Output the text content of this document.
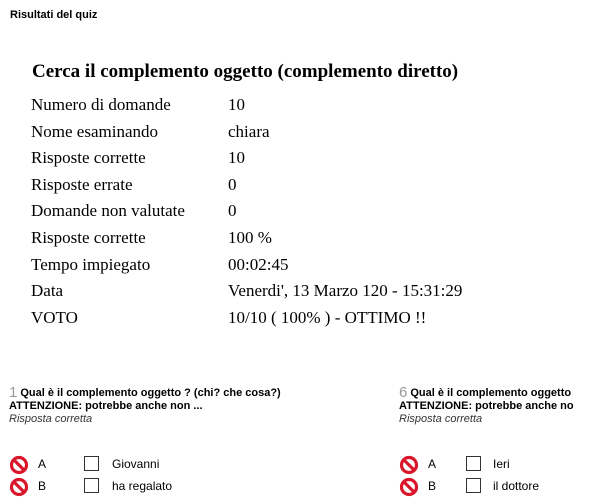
Risultati del quiz
Cerca il complemento oggetto (complemento diretto)
Numero di domande	10
Nome esaminando	chiara
Risposte corrette	10
Risposte errate	0
Domande non valutate	0
Risposte corrette	100 %
Tempo impiegato	00:02:45
Data	Venerdi', 13 Marzo 120 - 15:31:29
VOTO	10/10 ( 100% ) - OTTIMO !!
1 Qual è il complemento oggetto ? (chi? che cosa?)
ATTENZIONE: potrebbe anche non ...
Risposta corretta
A	Giovanni
B	ha regalato
6 Qual è il complemento oggetto
ATTENZIONE: potrebbe anche no
Risposta corretta
A	Ieri
B	il dottore
